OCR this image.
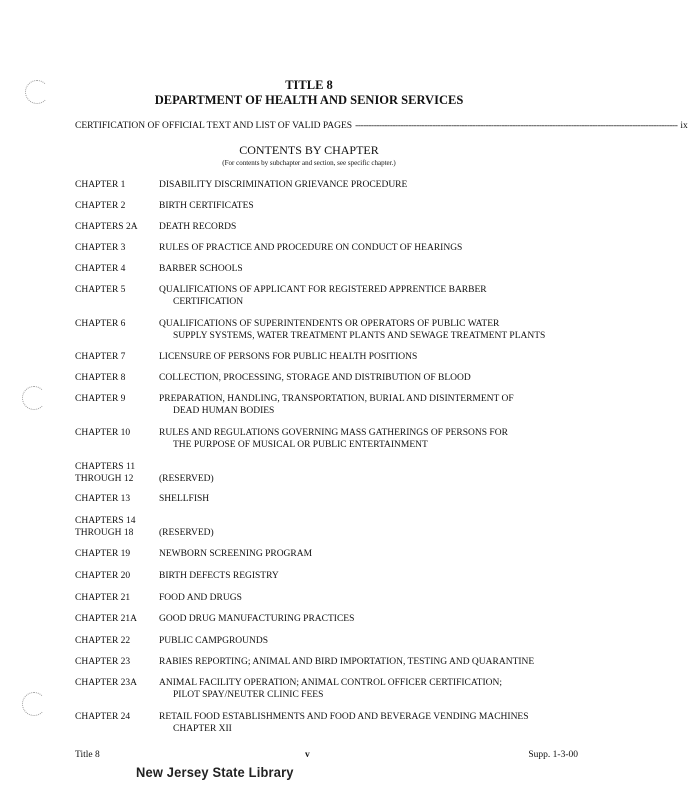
TITLE 8
DEPARTMENT OF HEALTH AND SENIOR SERVICES
CERTIFICATION OF OFFICIAL TEXT AND LIST OF VALID PAGES ------------------------------------------------------------------------------------------------------------------------- ix
CONTENTS BY CHAPTER
(For contents by subchapter and section, see specific chapter.)
CHAPTER 1	DISABILITY DISCRIMINATION GRIEVANCE PROCEDURE
CHAPTER 2	BIRTH CERTIFICATES
CHAPTERS 2A	DEATH RECORDS
CHAPTER 3	RULES OF PRACTICE AND PROCEDURE ON CONDUCT OF HEARINGS
CHAPTER 4	BARBER SCHOOLS
CHAPTER 5	QUALIFICATIONS OF APPLICANT FOR REGISTERED APPRENTICE BARBER
CERTIFICATION
CHAPTER 6	QUALIFICATIONS OF SUPERINTENDENTS OR OPERATORS OF PUBLIC WATER
SUPPLY SYSTEMS, WATER TREATMENT PLANTS AND SEWAGE TREATMENT PLANTS
CHAPTER 7	LICENSURE OF PERSONS FOR PUBLIC HEALTH POSITIONS
CHAPTER 8	COLLECTION, PROCESSING, STORAGE AND DISTRIBUTION OF BLOOD
CHAPTER 9	PREPARATION, HANDLING, TRANSPORTATION, BURIAL AND DISINTERMENT OF
DEAD HUMAN BODIES
CHAPTER 10	RULES AND REGULATIONS GOVERNING MASS GATHERINGS OF PERSONS FOR
THE PURPOSE OF MUSICAL OR PUBLIC ENTERTAINMENT
CHAPTERS 11
THROUGH 12	(RESERVED)
CHAPTER 13	SHELLFISH
CHAPTERS 14
THROUGH 18	(RESERVED)
CHAPTER 19	NEWBORN SCREENING PROGRAM
CHAPTER 20	BIRTH DEFECTS REGISTRY
CHAPTER 21	FOOD AND DRUGS
CHAPTER 21A	GOOD DRUG MANUFACTURING PRACTICES
CHAPTER 22	PUBLIC CAMPGROUNDS
CHAPTER 23	RABIES REPORTING; ANIMAL AND BIRD IMPORTATION, TESTING AND QUARANTINE
CHAPTER 23A	ANIMAL FACILITY OPERATION; ANIMAL CONTROL OFFICER CERTIFICATION;
PILOT SPAY/NEUTER CLINIC FEES
CHAPTER 24	RETAIL FOOD ESTABLISHMENTS AND FOOD AND BEVERAGE VENDING MACHINES
CHAPTER XII
Title 8	v	Supp. 1-3-00
New Jersey State Library
